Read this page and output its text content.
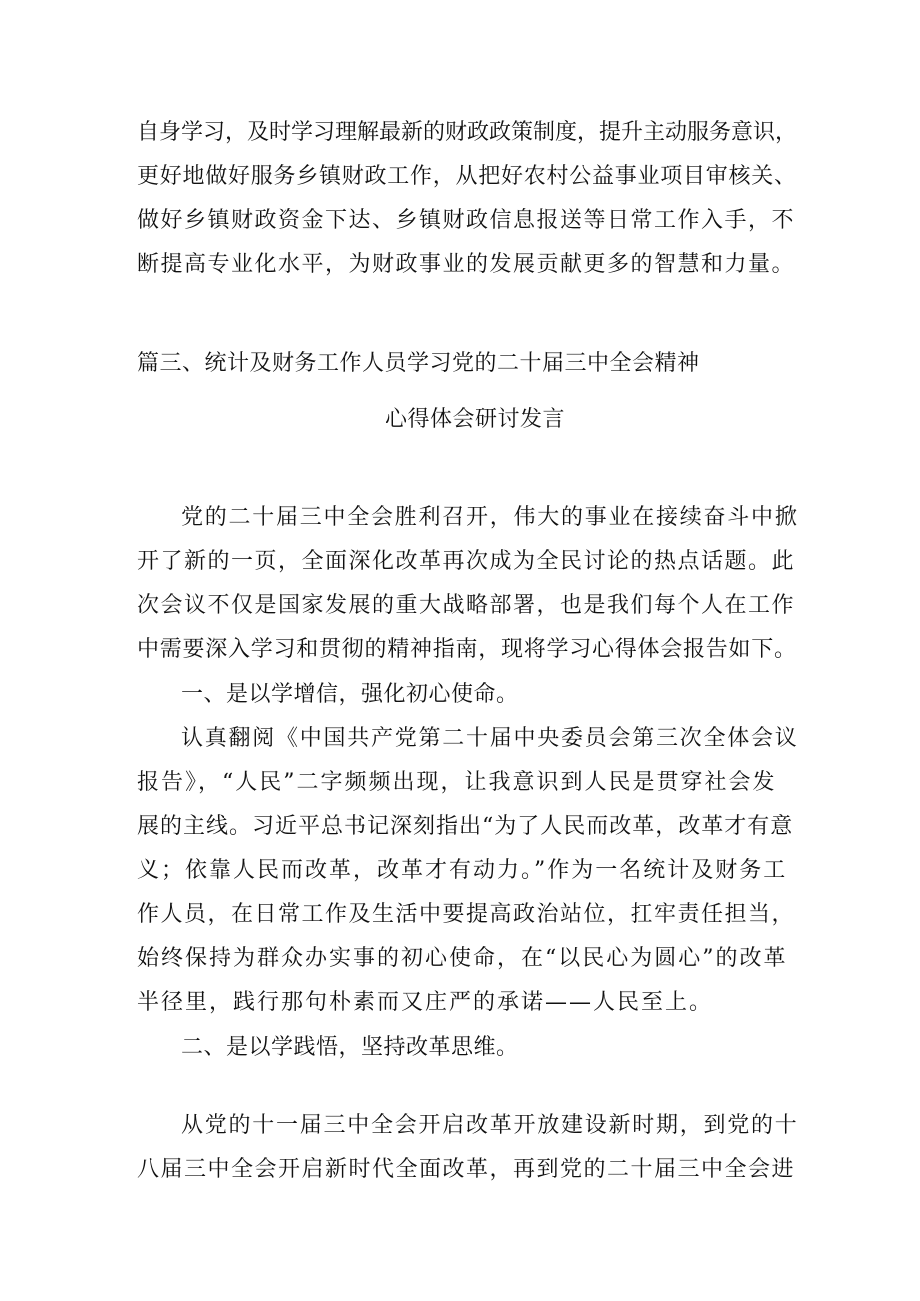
自身学习，及时学习理解最新的财政政策制度，提升主动服务意识，
更好地做好服务乡镇财政工作，从把好农村公益事业项目审核关、
做好乡镇财政资金下达、乡镇财政信息报送等日常工作入手，不
断提高专业化水平，为财政事业的发展贡献更多的智慧和力量。
篇三、统计及财务工作人员学习党的二十届三中全会精神
心得体会研讨发言
党的二十届三中全会胜利召开，伟大的事业在接续奋斗中掀
开了新的一页，全面深化改革再次成为全民讨论的热点话题。此
次会议不仅是国家发展的重大战略部署，也是我们每个人在工作
中需要深入学习和贯彻的精神指南，现将学习心得体会报告如下。
一、是以学增信，强化初心使命。
认真翻阅《中国共产党第二十届中央委员会第三次全体会议
报告》，“人民”二字频频出现，让我意识到人民是贯穿社会发
展的主线。习近平总书记深刻指出“为了人民而改革，改革才有意
义；依靠人民而改革，改革才有动力。”作为一名统计及财务工
作人员，在日常工作及生活中要提高政治站位，扛牢责任担当，
始终保持为群众办实事的初心使命，在“以民心为圆心”的改革
半径里，践行那句朴素而又庄严的承诺——人民至上。
二、是以学践悟，坚持改革思维。
从党的十一届三中全会开启改革开放建设新时期，到党的十
八届三中全会开启新时代全面改革，再到党的二十届三中全会进
